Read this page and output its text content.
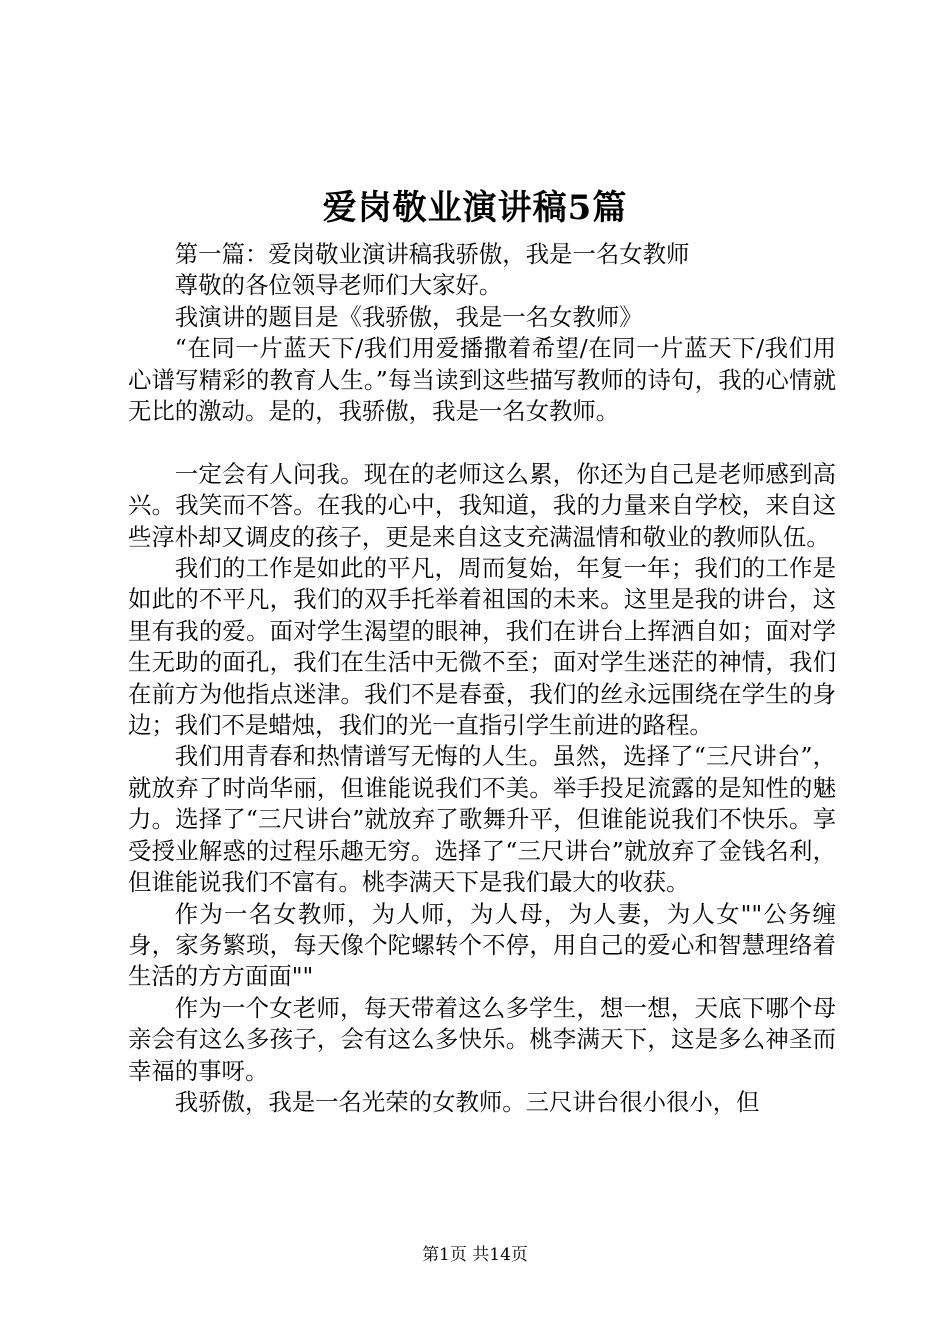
爱岗敬业演讲稿5篇

第一篇：爱岗敬业演讲稿我骄傲，我是一名女教师

尊敬的各位领导老师们大家好。

我演讲的题目是《我骄傲，我是一名女教师》

“在同一片蓝天下/我们用爱播撒着希望/在同一片蓝天下/我们用心谱写精彩的教育人生。”每当读到这些描写教师的诗句，我的心情就无比的激动。是的，我骄傲，我是一名女教师。

一定会有人问我。现在的老师这么累，你还为自己是老师感到高兴。我笑而不答。在我的心中，我知道，我的力量来自学校，来自这些淳朴却又调皮的孩子，更是来自这支充满温情和敬业的教师队伍。

我们的工作是如此的平凡，周而复始，年复一年；我们的工作是如此的不平凡，我们的双手托举着祖国的未来。这里是我的讲台，这里有我的爱。面对学生渴望的眼神，我们在讲台上挥洒自如；面对学生无助的面孔，我们在生活中无微不至；面对学生迷茫的神情，我们在前方为他指点迷津。我们不是春蚕，我们的丝永远围绕在学生的身边；我们不是蜡烛，我们的光一直指引学生前进的路程。

我们用青春和热情谱写无悔的人生。虽然，选择了“三尺讲台”，就放弃了时尚华丽，但谁能说我们不美。举手投足流露的是知性的魅力。选择了“三尺讲台”就放弃了歌舞升平，但谁能说我们不快乐。享受授业解惑的过程乐趣无穷。选择了“三尺讲台”就放弃了金钱名利，但谁能说我们不富有。桃李满天下是我们最大的收获。

作为一名女教师，为人师，为人母，为人妻，为人女""公务缠身，家务繁琐，每天像个陀螺转个不停，用自己的爱心和智慧理络着生活的方方面面""

作为一个女老师，每天带着这么多学生，想一想，天底下哪个母亲会有这么多孩子，会有这么多快乐。桃李满天下，这是多么神圣而幸福的事呀。

我骄傲，我是一名光荣的女教师。三尺讲台很小很小，但

第1页 共14页
